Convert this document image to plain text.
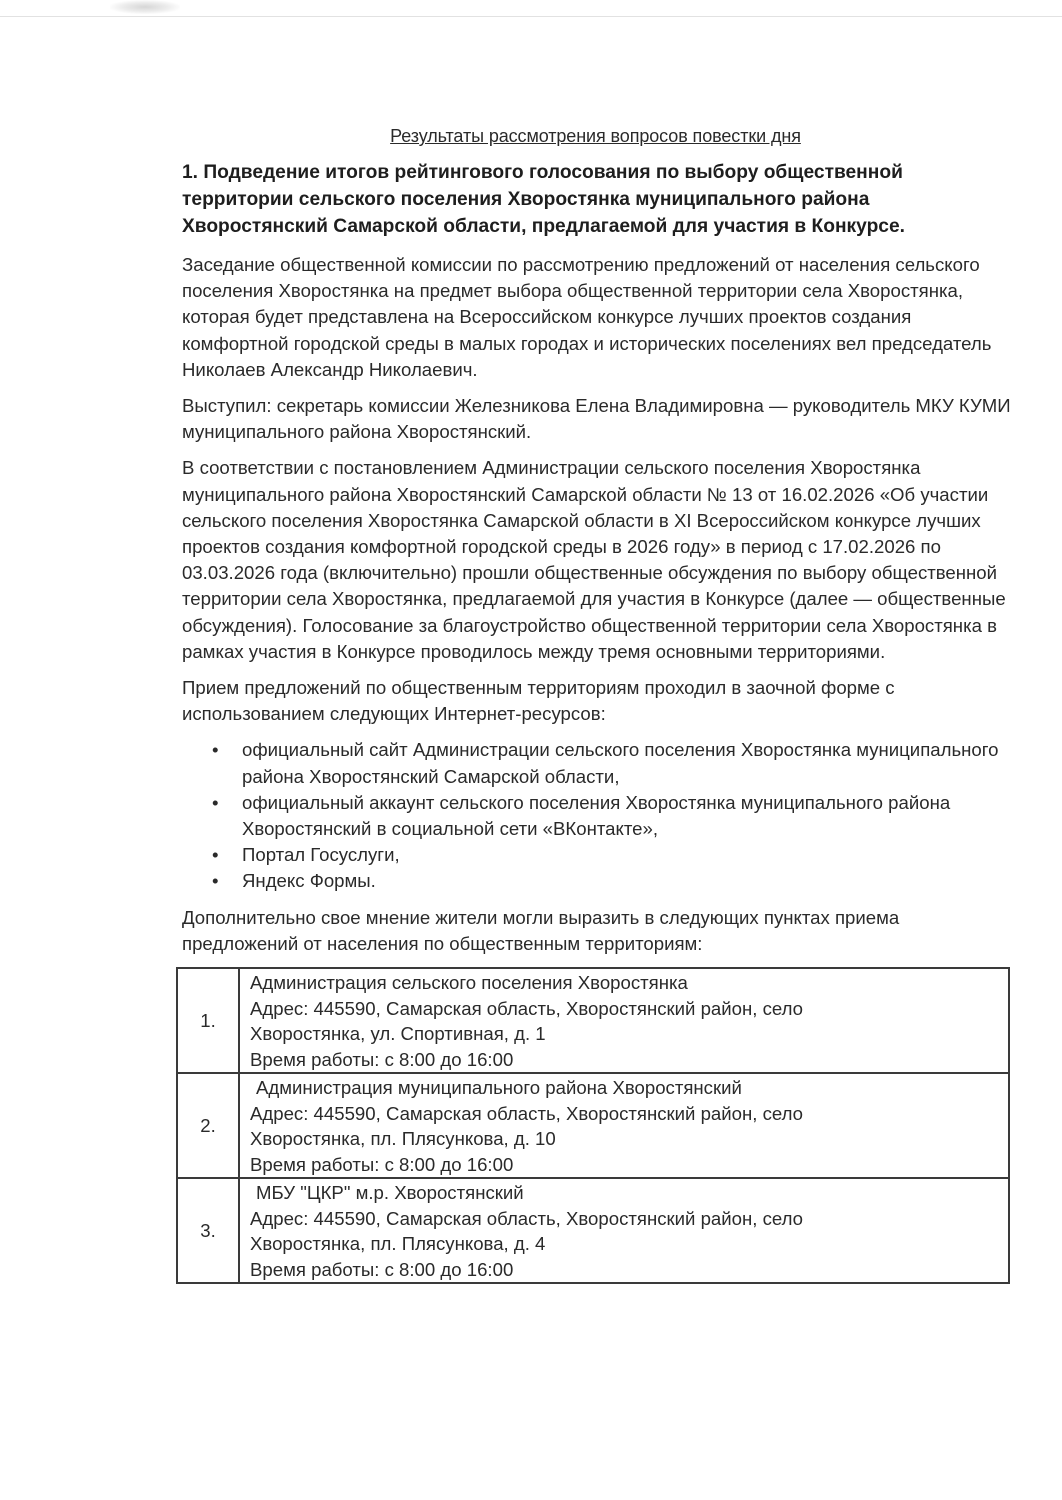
Результаты рассмотрения вопросов повестки дня
1. Подведение итогов рейтингового голосования по выбору общественной территории сельского поселения Хворостянка муниципального района Хворостянский Самарской области, предлагаемой для участия в Конкурсе.

Заседание общественной комиссии по рассмотрению предложений от населения сельского поселения Хворостянка на предмет выбора общественной территории села Хворостянка, которая будет представлена на Всероссийском конкурсе лучших проектов создания комфортной городской среды в малых городах и исторических поселениях вел председатель Николаев Александр Николаевич.

Выступил: секретарь комиссии Железникова Елена Владимировна — руководитель МКУ КУМИ муниципального района Хворостянский.

В соответствии с постановлением Администрации сельского поселения Хворостянка муниципального района Хворостянский Самарской области № 13 от 16.02.2026 «Об участии сельского поселения Хворостянка Самарской области в XI Всероссийском конкурсе лучших проектов создания комфортной городской среды в 2026 году» в период с 17.02.2026 по 03.03.2026 года (включительно) прошли общественные обсуждения по выбору общественной территории села Хворостянка, предлагаемой для участия в Конкурсе (далее — общественные обсуждения). Голосование за благоустройство общественной территории села Хворостянка в рамках участия в Конкурсе проводилось между тремя основными территориями.

Прием предложений по общественным территориям проходил в заочной форме с использованием следующих Интернет-ресурсов:

• официальный сайт Администрации сельского поселения Хворостянка муниципального района Хворостянский Самарской области,
• официальный аккаунт сельского поселения Хворостянка муниципального района Хворостянский в социальной сети «ВКонтакте»,
• Портал Госуслуги,
• Яндекс Формы.

Дополнительно свое мнение жители могли выразить в следующих пунктах приема предложений от населения по общественным территориям:

1.	Администрация сельского поселения Хворостянка
Адрес: 445590, Самарская область, Хворостянский район, село
Хворостянка, ул. Спортивная, д. 1
Время работы: с 8:00 до 16:00

2.	Администрация муниципального района Хворостянский
Адрес: 445590, Самарская область, Хворостянский район, село
Хворостянка, пл. Плясункова, д. 10
Время работы: с 8:00 до 16:00

3.	МБУ "ЦКР" м.р. Хворостянский
Адрес: 445590, Самарская область, Хворостянский район, село
Хворостянка, пл. Плясункова, д. 4
Время работы: с 8:00 до 16:00
